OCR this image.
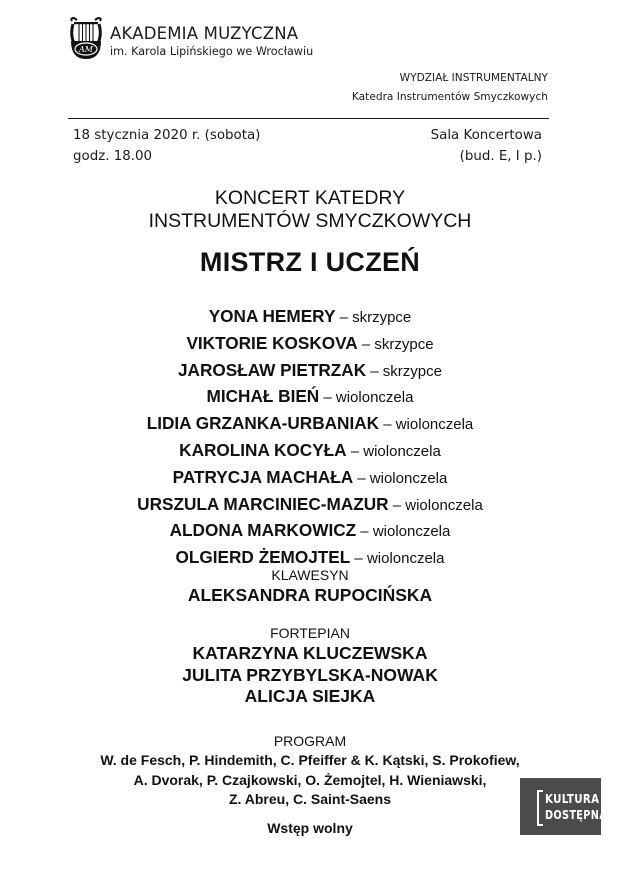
AM
AKADEMIA MUZYCZNA
im. Karola Lipińskiego we Wrocławiu
WYDZIAŁ INSTRUMENTALNY
Katedra Instrumentów Smyczkowych
18 stycznia 2020 r. (sobota)
godz. 18.00
Sala Koncertowa
(bud. E, I p.)
KONCERT KATEDRY
INSTRUMENTÓW SMYCZKOWYCH
MISTRZ I UCZEŃ
YONA HEMERY – skrzypce
VIKTORIE KOSKOVA – skrzypce
JAROSŁAW PIETRZAK – skrzypce
MICHAŁ BIEŃ – wiolonczela
LIDIA GRZANKA-URBANIAK – wiolonczela
KAROLINA KOCYŁA – wiolonczela
PATRYCJA MACHAŁA – wiolonczela
URSZULA MARCINIEC-MAZUR – wiolonczela
ALDONA MARKOWICZ – wiolonczela
OLGIERD ŻEMOJTEL – wiolonczela
KLAWESYN
ALEKSANDRA RUPOCIŃSKA
FORTEPIAN
KATARZYNA KLUCZEWSKA
JULITA PRZYBYLSKA-NOWAK
ALICJA SIEJKA
PROGRAM
W. de Fesch, P. Hindemith, C. Pfeiffer & K. Kątski, S. Prokofiew,
A. Dvorak, P. Czajkowski, O. Żemojtel, H. Wieniawski,
Z. Abreu, C. Saint-Saens
Wstęp wolny
KULTURA
DOSTĘPNA
